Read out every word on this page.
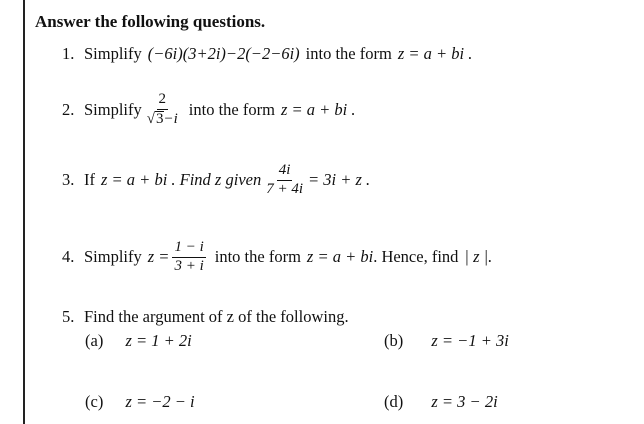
Answer the following questions.
1. Simplify (−6i)(3+2i)−2(−2−6i) into the form z = a + bi .
2. Simplify $\frac{2}{√ 3 -i}$ into the form z = a + bi .
3. If z = a + bi . Find z given $\frac{4i}{7 + 4i} = 3i + z$ .
4. Simplify $z = \frac{1 - i}{3 + i}$ into the form z = a + bi . Hence, find | z |.
5. Find the argument of z of the following.
(a) z = 1 + 2i	(b) z = −1 + 3i
(c) z = −2 − i	(d) z = 3 − 2i
